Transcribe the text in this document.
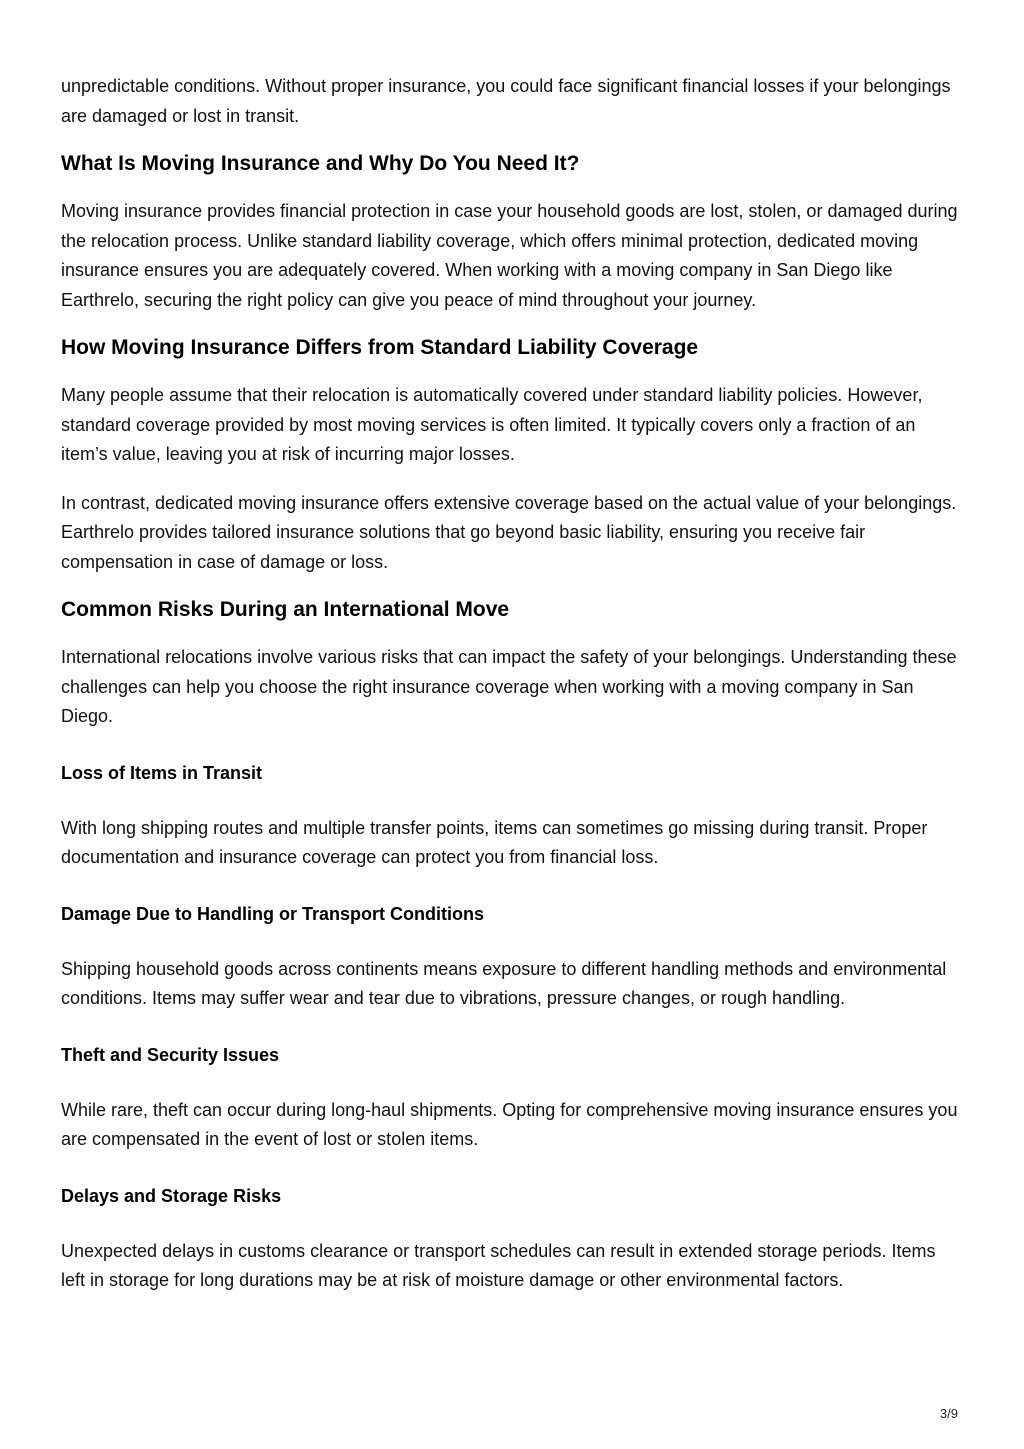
unpredictable conditions. Without proper insurance, you could face significant financial losses if your belongings are damaged or lost in transit.

What Is Moving Insurance and Why Do You Need It?

Moving insurance provides financial protection in case your household goods are lost, stolen, or damaged during the relocation process. Unlike standard liability coverage, which offers minimal protection, dedicated moving insurance ensures you are adequately covered. When working with a moving company in San Diego like Earthrelo, securing the right policy can give you peace of mind throughout your journey.

How Moving Insurance Differs from Standard Liability Coverage

Many people assume that their relocation is automatically covered under standard liability policies. However, standard coverage provided by most moving services is often limited. It typically covers only a fraction of an item’s value, leaving you at risk of incurring major losses.

In contrast, dedicated moving insurance offers extensive coverage based on the actual value of your belongings. Earthrelo provides tailored insurance solutions that go beyond basic liability, ensuring you receive fair compensation in case of damage or loss.

Common Risks During an International Move

International relocations involve various risks that can impact the safety of your belongings. Understanding these challenges can help you choose the right insurance coverage when working with a moving company in San Diego.

Loss of Items in Transit

With long shipping routes and multiple transfer points, items can sometimes go missing during transit. Proper documentation and insurance coverage can protect you from financial loss.

Damage Due to Handling or Transport Conditions

Shipping household goods across continents means exposure to different handling methods and environmental conditions. Items may suffer wear and tear due to vibrations, pressure changes, or rough handling.

Theft and Security Issues

While rare, theft can occur during long-haul shipments. Opting for comprehensive moving insurance ensures you are compensated in the event of lost or stolen items.

Delays and Storage Risks

Unexpected delays in customs clearance or transport schedules can result in extended storage periods. Items left in storage for long durations may be at risk of moisture damage or other environmental factors.

3/9
